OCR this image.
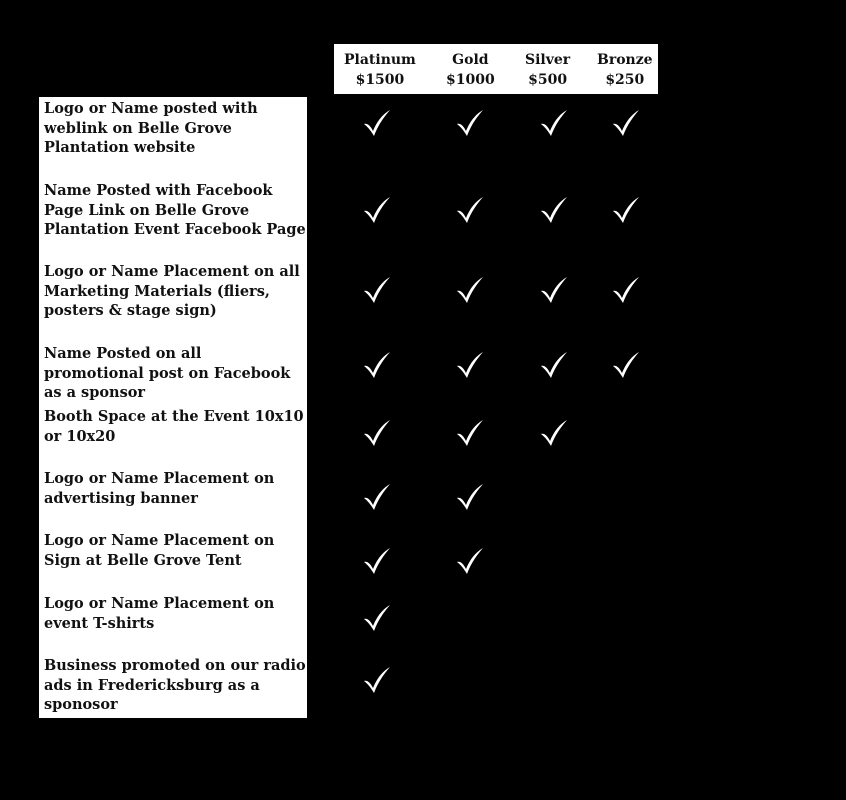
Platinum
$1500
Gold
$1000
Silver
$500
Bronze
$250
Logo or Name posted with weblink on Belle Grove Plantation website
Name Posted with Facebook Page Link on Belle Grove Plantation Event Facebook Page
Logo or Name Placement on all Marketing Materials (fliers, posters & stage sign)
Name Posted on all promotional post on Facebook as a sponsor
Booth Space at the Event 10x10 or 10x20
Logo or Name Placement on advertising banner
Logo or Name Placement on Sign at Belle Grove Tent
Logo or Name Placement on event T-shirts
Business promoted on our radio ads in Fredericksburg as a sponosor
